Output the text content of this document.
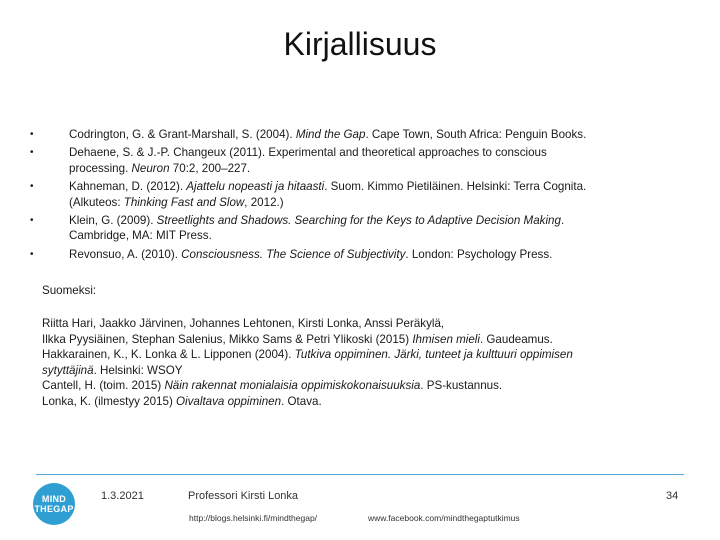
Kirjallisuus
•	Codrington, G. & Grant-Marshall, S. (2004). Mind the Gap. Cape Town, South Africa: Penguin Books.
•	Dehaene, S. & J.-P. Changeux (2011). Experimental and theoretical approaches to conscious
processing. Neuron 70:2, 200–227.
•	Kahneman, D. (2012). Ajattelu nopeasti ja hitaasti. Suom. Kimmo Pietiläinen. Helsinki: Terra Cognita.
(Alkuteos: Thinking Fast and Slow, 2012.)
•	Klein, G. (2009). Streetlights and Shadows. Searching for the Keys to Adaptive Decision Making.
Cambridge, MA: MIT Press.
•	Revonsuo, A. (2010). Consciousness. The Science of Subjectivity. London: Psychology Press.
Suomeksi:
Riitta Hari, Jaakko Järvinen, Johannes Lehtonen, Kirsti Lonka, Anssi Peräkylä,
Ilkka Pyysiäinen, Stephan Salenius, Mikko Sams & Petri Ylikoski (2015) Ihmisen mieli. Gaudeamus.
Hakkarainen, K., K. Lonka & L. Lipponen (2004). Tutkiva oppiminen. Järki, tunteet ja kulttuuri oppimisen
sytyttäjinä. Helsinki: WSOY
Cantell, H. (toim. 2015) Näin rakennat monialaisia oppimiskokonaisuuksia. PS-kustannus.
Lonka, K. (ilmestyy 2015) Oivaltava oppiminen. Otava.
MIND
THEGAP
1.3.2021	Professori Kirsti Lonka	34
http://blogs.helsinki.fi/mindthegap/	www.facebook.com/mindthegaptutkimus
